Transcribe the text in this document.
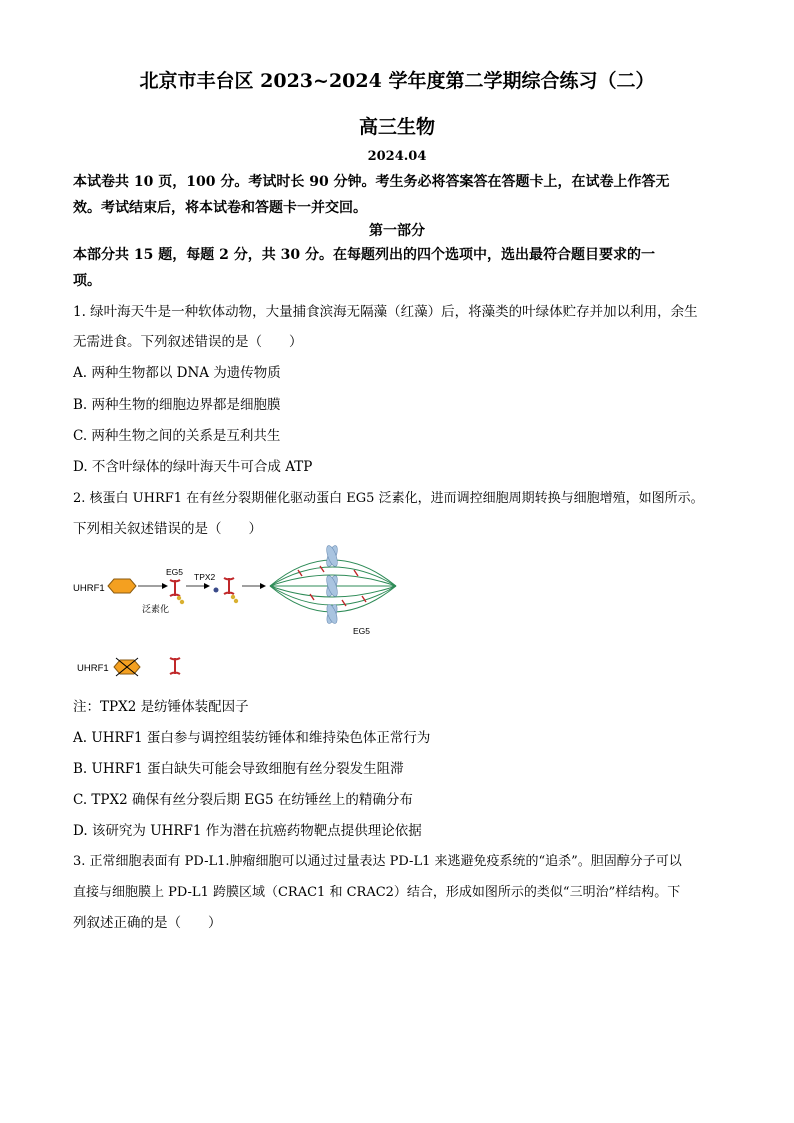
北京市丰台区 2023~2024 学年度第二学期综合练习（二）
高三生物
2024.04
本试卷共 10 页，100 分。考试时长 90 分钟。考生务必将答案答在答题卡上，在试卷上作答无
效。考试结束后，将本试卷和答题卡一并交回。
第一部分
本部分共 15 题，每题 2 分，共 30 分。在每题列出的四个选项中，选出最符合题目要求的一
项。
1. 绿叶海天牛是一种软体动物，大量捕食滨海无隔藻（红藻）后，将藻类的叶绿体贮存并加以利用，余生
无需进食。下列叙述错误的是（　　）
A. 两种生物都以 DNA 为遗传物质
B. 两种生物的细胞边界都是细胞膜
C. 两种生物之间的关系是互利共生
D. 不含叶绿体的绿叶海天牛可合成 ATP
2. 核蛋白 UHRF1 在有丝分裂期催化驱动蛋白 EG5 泛素化，进而调控细胞周期转换与细胞增殖，如图所示。
下列相关叙述错误的是（　　）
UHRF1
EG5
泛素化
TPX2
EG5
UHRF1
注：TPX2 是纺锤体装配因子
A. UHRF1 蛋白参与调控组装纺锤体和维持染色体正常行为
B. UHRF1 蛋白缺失可能会导致细胞有丝分裂发生阻滞
C. TPX2 确保有丝分裂后期 EG5 在纺锤丝上的精确分布
D. 该研究为 UHRF1 作为潜在抗癌药物靶点提供理论依据
3. 正常细胞表面有 PD-L1.肿瘤细胞可以通过过量表达 PD-L1 来逃避免疫系统的“追杀”。胆固醇分子可以
直接与细胞膜上 PD-L1 跨膜区域（CRAC1 和 CRAC2）结合，形成如图所示的类似“三明治”样结构。下
列叙述正确的是（　　）
